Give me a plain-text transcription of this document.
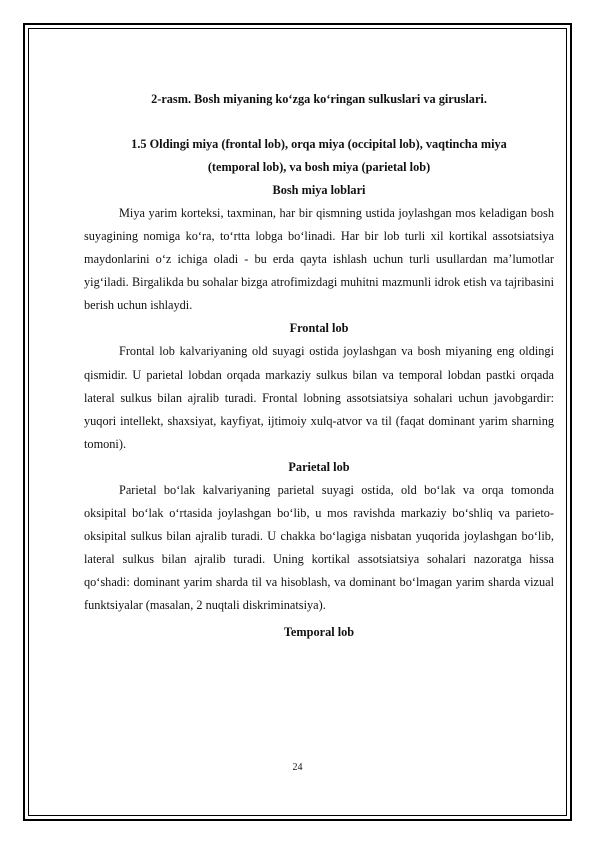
2-rasm. Bosh miyaning ko‘zga ko‘ringan sulkuslari va giruslari.
1.5 Oldingi miya (frontal lob), orqa miya (occipital lob), vaqtincha miya
(temporal lob), va bosh miya (parietal lob)
Bosh miya loblari

Miya yarim korteksi, taxminan, har bir qismning ustida joylashgan mos keladigan bosh suyagining nomiga ko‘ra, to‘rtta lobga bo‘linadi. Har bir lob turli xil kortikal assotsiatsiya maydonlarini o‘z ichiga oladi - bu erda qayta ishlash uchun turli usullardan ma’lumotlar yig‘iladi. Birgalikda bu sohalar bizga atrofimizdagi muhitni mazmunli idrok etish va tajribasini berish uchun ishlaydi.

Frontal lob

Frontal lob kalvariyaning old suyagi ostida joylashgan va bosh miyaning eng oldingi qismidir. U parietal lobdan orqada markaziy sulkus bilan va temporal lobdan pastki orqada lateral sulkus bilan ajralib turadi. Frontal lobning assotsiatsiya sohalari uchun javobgardir: yuqori intellekt, shaxsiyat, kayfiyat, ijtimoiy xulq-atvor va til (faqat dominant yarim sharning tomoni).

Parietal lob

Parietal bo‘lak kalvariyaning parietal suyagi ostida, old bo‘lak va orqa tomonda oksipital bo‘lak o‘rtasida joylashgan bo‘lib, u mos ravishda markaziy bo‘shliq va parieto-oksipital sulkus bilan ajralib turadi. U chakka bo‘lagiga nisbatan yuqorida joylashgan bo‘lib, lateral sulkus bilan ajralib turadi. Uning kortikal assotsiatsiya sohalari nazoratga hissa qo‘shadi: dominant yarim sharda til va hisoblash, va dominant bo‘lmagan yarim sharda vizual funktsiyalar (masalan, 2 nuqtali diskriminatsiya).

Temporal lob
24
